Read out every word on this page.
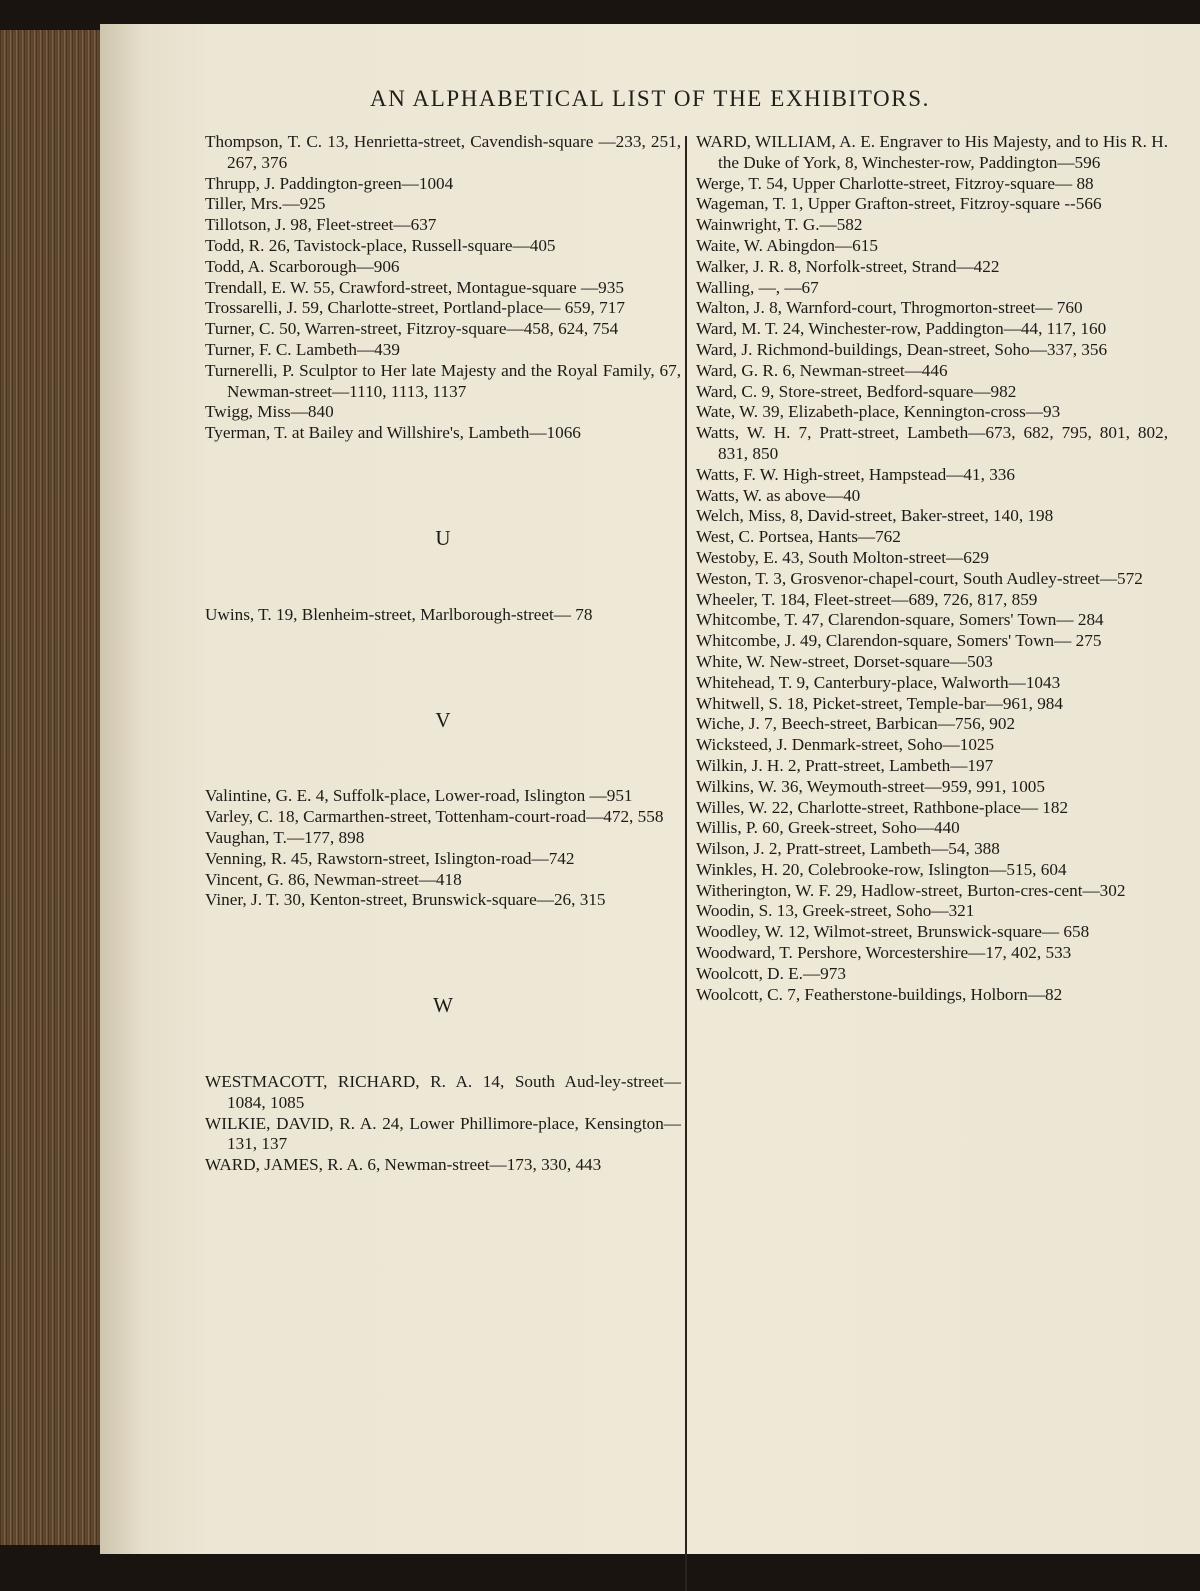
AN ALPHABETICAL LIST OF THE EXHIBITORS.

Thompson, T. C. 13, Henrietta-street, Cavendish-square —233, 251, 267, 376

Thrupp, J. Paddington-green—1004

Tiller, Mrs.—925

Tillotson, J. 98, Fleet-street—637

Todd, R. 26, Tavistock-place, Russell-square—405

Todd, A. Scarborough—906

Trendall, E. W. 55, Crawford-street, Montague-square —935

Trossarelli, J. 59, Charlotte-street, Portland-place— 659, 717

Turner, C. 50, Warren-street, Fitzroy-square—458, 624, 754

Turner, F. C. Lambeth—439

Turnerelli, P. Sculptor to Her late Majesty and the Royal Family, 67, Newman-street—1110, 1113, 1137

Twigg, Miss—840

Tyerman, T. at Bailey and Willshire's, Lambeth—1066

U

Uwins, T. 19, Blenheim-street, Marlborough-street— 78

V

Valintine, G. E. 4, Suffolk-place, Lower-road, Islington —951

Varley, C. 18, Carmarthen-street, Tottenham-court-road—472, 558

Vaughan, T.—177, 898

Venning, R. 45, Rawstorn-street, Islington-road—742

Vincent, G. 86, Newman-street—418

Viner, J. T. 30, Kenton-street, Brunswick-square—26, 315

W

WESTMACOTT, RICHARD, R. A. 14, South Aud-ley-street—1084, 1085

WILKIE, DAVID, R. A. 24, Lower Phillimore-place, Kensington—131, 137

WARD, JAMES, R. A. 6, Newman-street—173, 330, 443

WARD, WILLIAM, A. E. Engraver to His Majesty, and to His R. H. the Duke of York, 8, Winchester-row, Paddington—596

Werge, T. 54, Upper Charlotte-street, Fitzroy-square— 88

Wageman, T. 1, Upper Grafton-street, Fitzroy-square --566

Wainwright, T. G.—582

Waite, W. Abingdon—615

Walker, J. R. 8, Norfolk-street, Strand—422

Walling, —, —67

Walton, J. 8, Warnford-court, Throgmorton-street— 760

Ward, M. T. 24, Winchester-row, Paddington—44, 117, 160

Ward, J. Richmond-buildings, Dean-street, Soho—337, 356

Ward, G. R. 6, Newman-street—446

Ward, C. 9, Store-street, Bedford-square—982

Wate, W. 39, Elizabeth-place, Kennington-cross—93

Watts, W. H. 7, Pratt-street, Lambeth—673, 682, 795, 801, 802, 831, 850

Watts, F. W. High-street, Hampstead—41, 336

Watts, W. as above—40

Welch, Miss, 8, David-street, Baker-street, 140, 198

West, C. Portsea, Hants—762

Westoby, E. 43, South Molton-street—629

Weston, T. 3, Grosvenor-chapel-court, South Audley-street—572

Wheeler, T. 184, Fleet-street—689, 726, 817, 859

Whitcombe, T. 47, Clarendon-square, Somers' Town— 284

Whitcombe, J. 49, Clarendon-square, Somers' Town— 275

White, W. New-street, Dorset-square—503

Whitehead, T. 9, Canterbury-place, Walworth—1043

Whitwell, S. 18, Picket-street, Temple-bar—961, 984

Wiche, J. 7, Beech-street, Barbican—756, 902

Wicksteed, J. Denmark-street, Soho—1025

Wilkin, J. H. 2, Pratt-street, Lambeth—197

Wilkins, W. 36, Weymouth-street—959, 991, 1005

Willes, W. 22, Charlotte-street, Rathbone-place— 182

Willis, P. 60, Greek-street, Soho—440

Wilson, J. 2, Pratt-street, Lambeth—54, 388

Winkles, H. 20, Colebrooke-row, Islington—515, 604

Witherington, W. F. 29, Hadlow-street, Burton-cres-cent—302

Woodin, S. 13, Greek-street, Soho—321

Woodley, W. 12, Wilmot-street, Brunswick-square— 658

Woodward, T. Pershore, Worcestershire—17, 402, 533

Woolcott, D. E.—973

Woolcott, C. 7, Featherstone-buildings, Holborn—82
